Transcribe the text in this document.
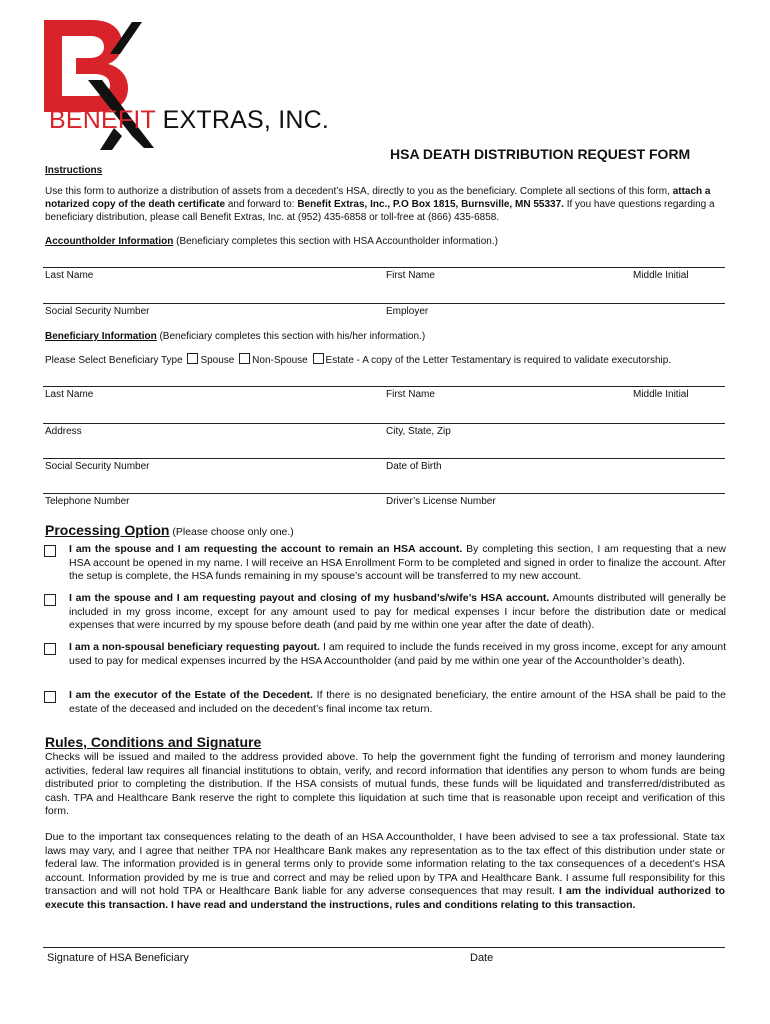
BENEFIT EXTRAS, INC.
HSA DEATH DISTRIBUTION REQUEST FORM
Instructions
Use this form to authorize a distribution of assets from a decedent’s HSA, directly to you as the beneficiary. Complete all sections of this form, attach a notarized copy of the death certificate and forward to: Benefit Extras, Inc., P.O Box 1815, Burnsville, MN 55337. If you have questions regarding a beneficiary distribution, please call Benefit Extras, Inc. at (952) 435-6858 or toll-free at (866) 435-6858.
Accountholder Information (Beneficiary completes this section with HSA Accountholder information.)
Last Name	First Name	Middle Initial
Social Security Number	Employer
Beneficiary Information (Beneficiary completes this section with his/her information.)
Please Select Beneficiary Type Spouse Non-Spouse Estate - A copy of the Letter Testamentary is required to validate executorship.
Last Name	First Name	Middle Initial
Address	City, State, Zip
Social Security Number	Date of Birth
Telephone Number	Driver’s License Number
Processing Option (Please choose only one.)
I am the spouse and I am requesting the account to remain an HSA account. By completing this section, I am requesting that a new HSA account be opened in my name. I will receive an HSA Enrollment Form to be completed and signed in order to finalize the account. After the setup is complete, the HSA funds remaining in my spouse’s account will be transferred to my new account.
I am the spouse and I am requesting payout and closing of my husband’s/wife’s HSA account. Amounts distributed will generally be included in my gross income, except for any amount used to pay for medical expenses I incur before the distribution date or medical expenses that were incurred by my spouse before death (and paid by me within one year after the date of death).
I am a non-spousal beneficiary requesting payout. I am required to include the funds received in my gross income, except for any amount used to pay for medical expenses incurred by the HSA Accountholder (and paid by me within one year of the Accountholder’s death).
I am the executor of the Estate of the Decedent. If there is no designated beneficiary, the entire amount of the HSA shall be paid to the estate of the deceased and included on the decedent’s final income tax return.
Rules, Conditions and Signature
Checks will be issued and mailed to the address provided above. To help the government fight the funding of terrorism and money laundering activities, federal law requires all financial institutions to obtain, verify, and record information that identifies any person to whom funds are being distributed prior to completing the distribution. If the HSA consists of mutual funds, these funds will be liquidated and transferred/distributed as cash. TPA and Healthcare Bank reserve the right to complete this liquidation at such time that is reasonable upon receipt and verification of this form.
Due to the important tax consequences relating to the death of an HSA Accountholder, I have been advised to see a tax professional. State tax laws may vary, and I agree that neither TPA nor Healthcare Bank makes any representation as to the tax effect of this distribution under state or federal law. The information provided is in general terms only to provide some information relating to the tax consequences of a decedent’s HSA account. Information provided by me is true and correct and may be relied upon by TPA and Healthcare Bank. I assume full responsibility for this transaction and will not hold TPA or Healthcare Bank liable for any adverse consequences that may result. I am the individual authorized to execute this transaction. I have read and understand the instructions, rules and conditions relating to this transaction.
Signature of HSA Beneficiary	Date
